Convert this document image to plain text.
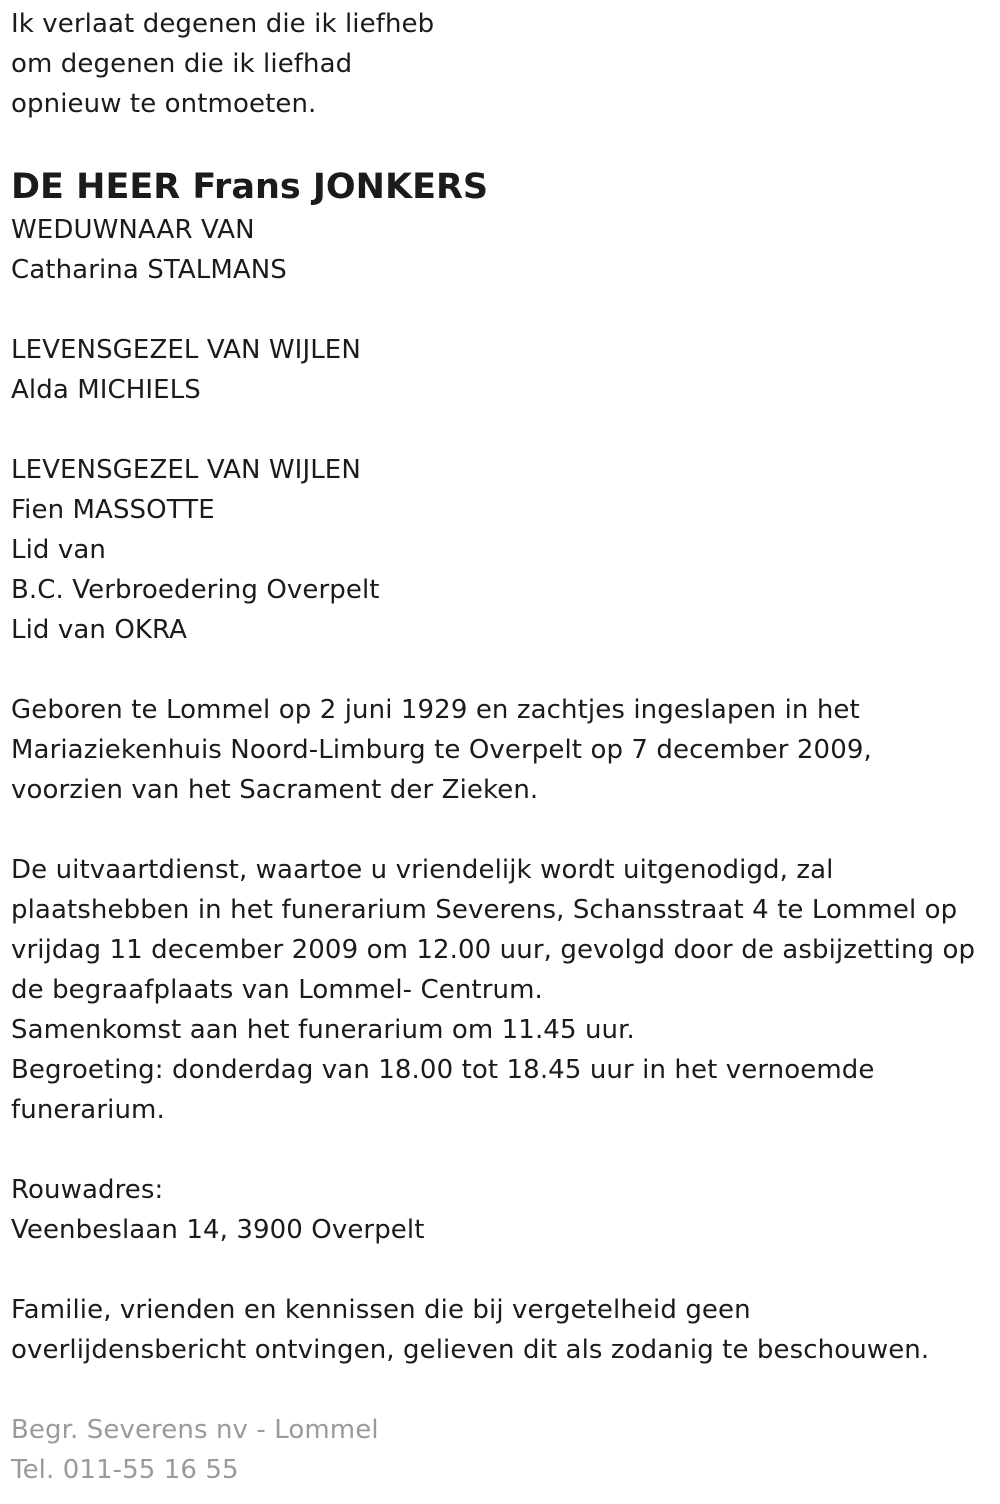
Ik verlaat degenen die ik liefheb
om degenen die ik liefhad
opnieuw te ontmoeten.
DE HEER Frans JONKERS
WEDUWNAAR VAN
Catharina STALMANS
LEVENSGEZEL VAN WIJLEN
Alda MICHIELS
LEVENSGEZEL VAN WIJLEN
Fien MASSOTTE
Lid van
B.C. Verbroedering Overpelt
Lid van OKRA
Geboren te Lommel op 2 juni 1929 en zachtjes ingeslapen in het
Mariaziekenhuis Noord-Limburg te Overpelt op 7 december 2009,
voorzien van het Sacrament der Zieken.
De uitvaartdienst, waartoe u vriendelijk wordt uitgenodigd, zal
plaatshebben in het funerarium Severens, Schansstraat 4 te Lommel op
vrijdag 11 december 2009 om 12.00 uur, gevolgd door de asbijzetting op
de begraafplaats van Lommel- Centrum.
Samenkomst aan het funerarium om 11.45 uur.
Begroeting: donderdag van 18.00 tot 18.45 uur in het vernoemde
funerarium.
Rouwadres:
Veenbeslaan 14, 3900 Overpelt
Familie, vrienden en kennissen die bij vergetelheid geen
overlijdensbericht ontvingen, gelieven dit als zodanig te beschouwen.
Begr. Severens nv - Lommel
Tel. 011-55 16 55
